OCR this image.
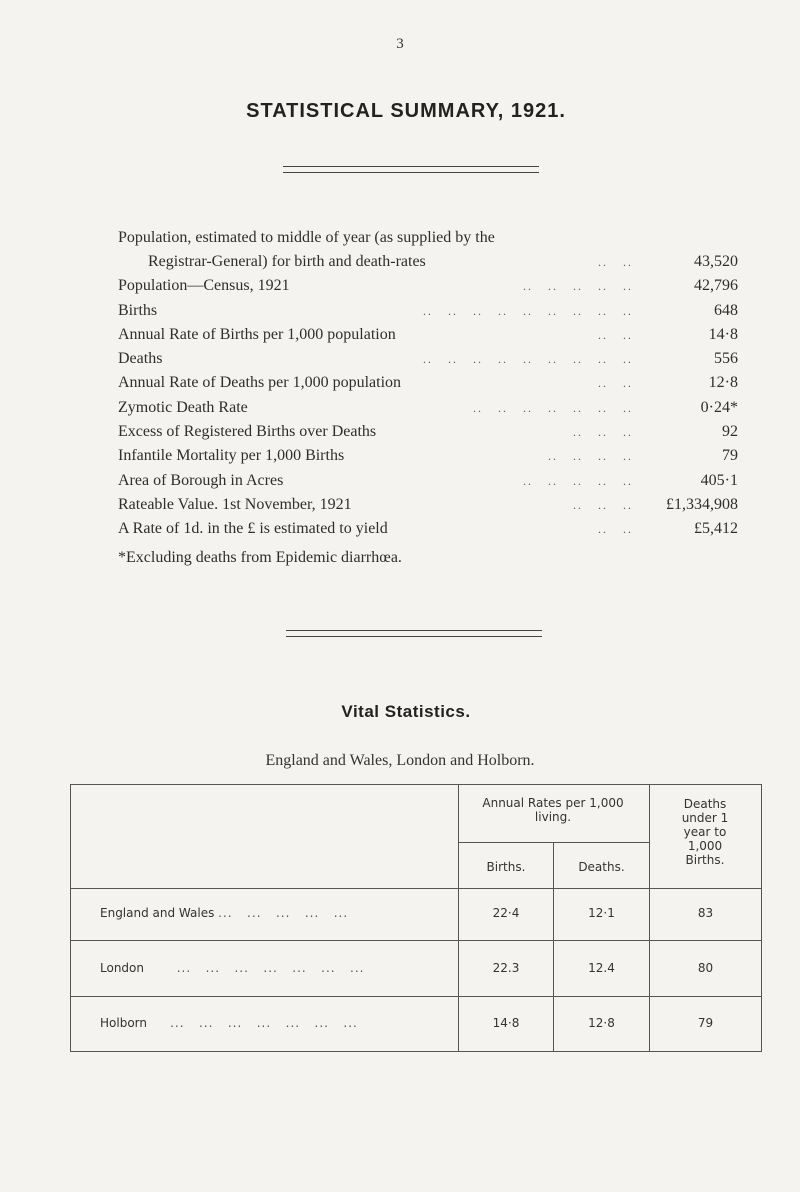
3
STATISTICAL SUMMARY, 1921.
Population, estimated to middle of year (as supplied by the
Registrar-General) for birth and death-rates	..   ..	43,520
Population—Census, 1921	..   ..   ..   ..   ..	42,796
Births	..   ..   ..   ..   ..   ..   ..   ..   ..	648
Annual Rate of Births per 1,000 population	..   ..	14·8
Deaths	..   ..   ..   ..   ..   ..   ..   ..   ..	556
Annual Rate of Deaths per 1,000 population	..   ..	12·8
Zymotic Death Rate	..   ..   ..   ..   ..   ..   ..	0·24*
Excess of Registered Births over Deaths	..   ..   ..	92
Infantile Mortality per 1,000 Births	..   ..   ..   ..	79
Area of Borough in Acres	..   ..   ..   ..   ..	405·1
Rateable Value. 1st November, 1921	..   ..   .. £1,334,908
A Rate of 1d. in the £ is estimated to yield	..   ..	£5,412
*Excluding deaths from Epidemic diarrhœa.
Vital Statistics.
England and Wales, London and Holborn.
Annual Rates per 1,000 living.
Births.	Deaths.
Deaths under 1 year to 1,000 Births.
England and Wales ...   ...   ...   ...   ...	22·4	12·1	83
London       ...   ...   ...   ...   ...   ...   ...	22.3	12.4	80
Holborn     ...   ...   ...   ...   ...   ...   ...	14·8	12·8	79
